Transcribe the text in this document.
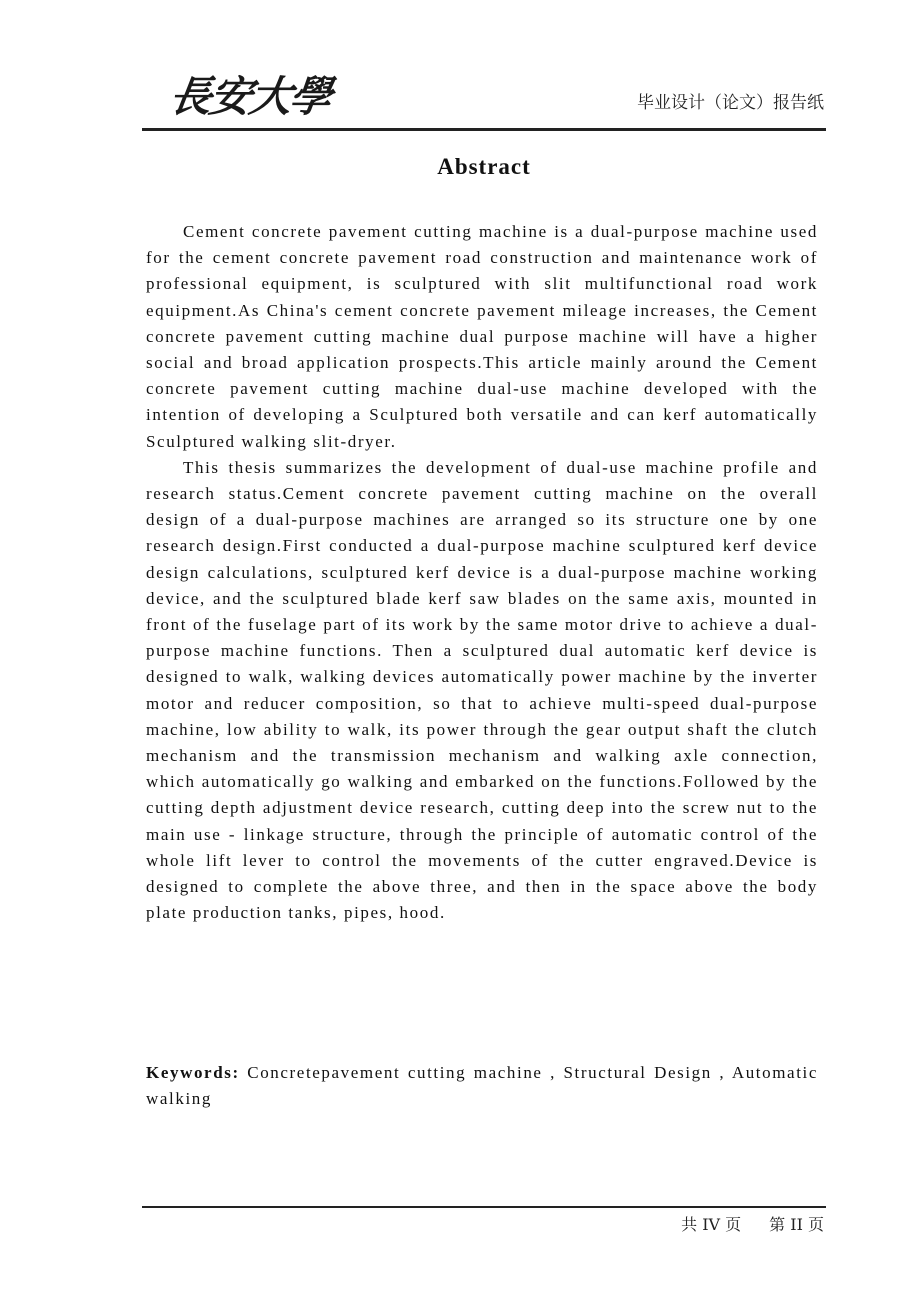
長安大學	毕业设计（论文）报告纸
Abstract

Cement concrete pavement cutting machine is a dual-purpose machine used for the cement concrete pavement road construction and maintenance work of professional equipment, is sculptured with slit multifunctional road work equipment.As China's cement concrete pavement mileage increases, the Cement concrete pavement cutting machine dual purpose machine will have a higher social and broad application prospects.This article mainly around the Cement concrete pavement cutting machine dual-use machine developed with the intention of developing a Sculptured both versatile and can kerf automatically Sculptured walking slit-dryer.

This thesis summarizes the development of dual-use machine profile and research status.Cement concrete pavement cutting machine on the overall design of a dual-purpose machines are arranged so its structure one by one research design.First conducted a dual-purpose machine sculptured kerf device design calculations, sculptured kerf device is a dual-purpose machine working device, and the sculptured blade kerf saw blades on the same axis, mounted in front of the fuselage part of its work by the same motor drive to achieve a dual-purpose machine functions. Then a sculptured dual automatic kerf device is designed to walk, walking devices automatically power machine by the inverter motor and reducer composition, so that to achieve multi-speed dual-purpose machine, low ability to walk, its power through the gear output shaft the clutch mechanism and the transmission mechanism and walking axle connection, which automatically go walking and embarked on the functions.Followed by the cutting depth adjustment device research, cutting deep into the screw nut to the main use - linkage structure, through the principle of automatic control of the whole lift lever to control the movements of the cutter engraved.Device is designed to complete the above three, and then in the space above the body plate production tanks, pipes, hood.

Keywords: Concretepavement cutting machine , Structural Design , Automatic walking
共 IV 页 第 II 页
